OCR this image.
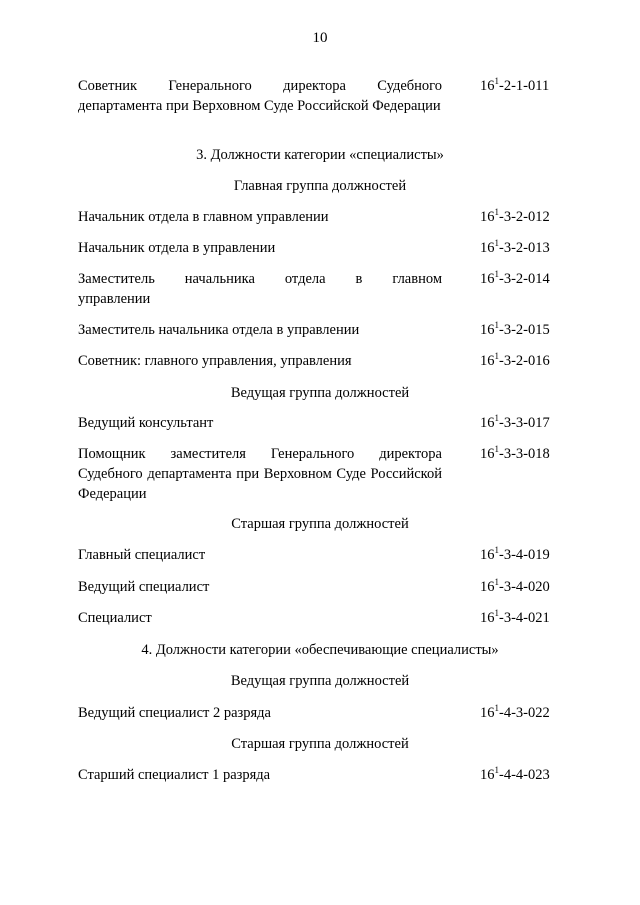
10
Советник Генерального директора Судебного департамента при Верховном Суде Российской Федерации
$16^1-2-1-011$
3. Должности категории «специалисты»
Главная группа должностей
Начальник отдела в главном управлении	$16^1-3-2-012$
Начальник отдела в управлении	$16^1-3-2-013$
Заместитель начальника отдела в главном
управлении
$16^1-3-2-014$
Заместитель начальника отдела в управлении	$16^1-3-2-015$
Советник: главного управления, управления	$16^1-3-2-016$
Ведущая группа должностей
Ведущий консультант	$16^1-3-3-017$
Помощник заместителя Генерального директора Судебного департамента при Верховном Суде Российской Федерации
$16^1-3-3-018$
Старшая группа должностей
Главный специалист	$16^1-3-4-019$
Ведущий специалист	$16^1-3-4-020$
Специалист	$16^1-3-4-021$
4. Должности категории «обеспечивающие специалисты»
Ведущая группа должностей
Ведущий специалист 2 разряда	$16^1-4-3-022$
Старшая группа должностей
Старший специалист 1 разряда	$16^1-4-4-023$
